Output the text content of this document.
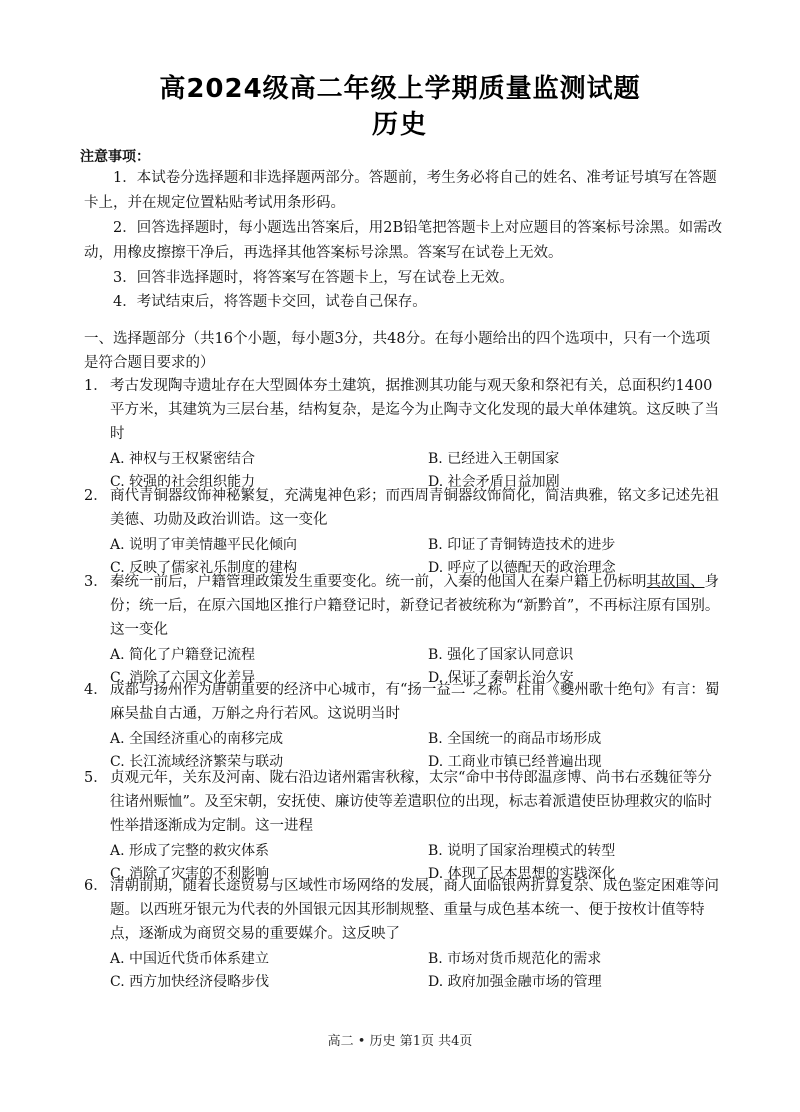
高2024级高二年级上学期质量监测试题
历史
注意事项：
1．本试卷分选择题和非选择题两部分。答题前，考生务必将自己的姓名、准考证号填写在答题卡上，并在规定位置粘贴考试用条形码。
2．回答选择题时，每小题选出答案后，用2B铅笔把答题卡上对应题目的答案标号涂黑。如需改动，用橡皮擦擦干净后，再选择其他答案标号涂黑。答案写在试卷上无效。
3．回答非选择题时，将答案写在答题卡上，写在试卷上无效。
4．考试结束后，将答题卡交回，试卷自己保存。
一、选择题部分（共16个小题，每小题3分，共48分。在每小题给出的四个选项中，只有一个选项是符合题目要求的）
1． 考古发现陶寺遗址存在大型圆体夯土建筑，据推测其功能与观天象和祭祀有关，总面积约1400平方米，其建筑为三层台基，结构复杂，是迄今为止陶寺文化发现的最大单体建筑。这反映了当时
A. 神权与王权紧密结合	B. 已经进入王朝国家
C. 较强的社会组织能力	D. 社会矛盾日益加剧
2． 商代青铜器纹饰神秘繁复，充满鬼神色彩；而西周青铜器纹饰简化，简洁典雅，铭文多记述先祖美德、功勋及政治训诰。这一变化
A. 说明了审美情趣平民化倾向	B. 印证了青铜铸造技术的进步
C. 反映了儒家礼乐制度的建构	D. 呼应了以德配天的政治理念
3． 秦统一前后，户籍管理政策发生重要变化。统一前，入秦的他国人在秦户籍上仍标明其故国、身份；统一后，在原六国地区推行户籍登记时，新登记者被统称为“新黔首”，不再标注原有国别。这一变化
A. 简化了户籍登记流程	B. 强化了国家认同意识
C. 消除了六国文化差异	D. 保证了秦朝长治久安
4． 成都与扬州作为唐朝重要的经济中心城市，有“扬一益二”之称。杜甫《夔州歌十绝句》有言：蜀麻吴盐自古通，万斛之舟行若风。这说明当时
A. 全国经济重心的南移完成	B. 全国统一的商品市场形成
C. 长江流域经济繁荣与联动	D. 工商业市镇已经普遍出现
5． 贞观元年，关东及河南、陇右沿边诸州霜害秋稼，太宗“命中书侍郎温彦博、尚书右丞魏征等分往诸州赈恤”。及至宋朝，安抚使、廉访使等差遣职位的出现，标志着派遣使臣协理救灾的临时性举措逐渐成为定制。这一进程
A. 形成了完整的救灾体系	B. 说明了国家治理模式的转型
C. 消除了灾害的不利影响	D. 体现了民本思想的实践深化
6． 清朝前期，随着长途贸易与区域性市场网络的发展，商人面临银两折算复杂、成色鉴定困难等问题。以西班牙银元为代表的外国银元因其形制规整、重量与成色基本统一、便于按枚计值等特点，逐渐成为商贸交易的重要媒介。这反映了
A. 中国近代货币体系建立	B. 市场对货币规范化的需求
C. 西方加快经济侵略步伐	D. 政府加强金融市场的管理
高二 • 历史 第1页 共4页
